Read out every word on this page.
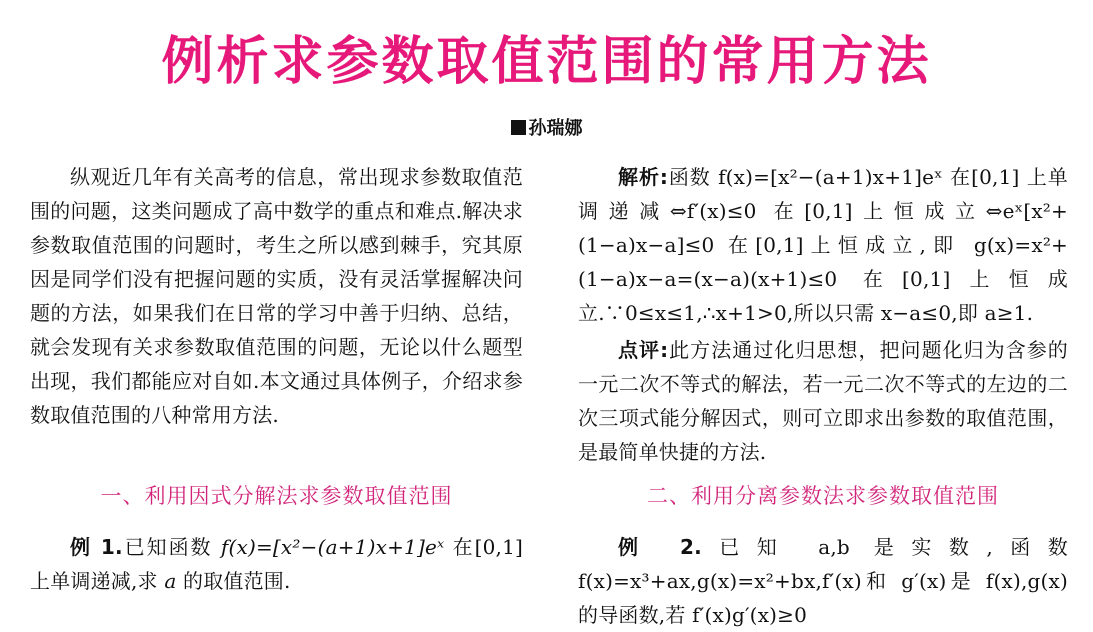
例析求参数取值范围的常用方法
孙瑞娜

纵观近几年有关高考的信息，常出现求参数取值范围的问题，这类问题成了高中数学的重点和难点.解决求参数取值范围的问题时，考生之所以感到棘手，究其原因是同学们没有把握问题的实质，没有灵活掌握解决问题的方法，如果我们在日常的学习中善于归纳、总结，就会发现有关求参数取值范围的问题，无论以什么题型出现，我们都能应对自如.本文通过具体例子，介绍求参数取值范围的八种常用方法.

一、利用因式分解法求参数取值范围

例 1.已知函数 f(x)=[x²−(a+1)x+1]eˣ 在[0,1] 上单调递减,求 a 的取值范围.

解析:函数 f(x)=[x²−(a+1)x+1]eˣ 在[0,1] 上单调递减⇔f′(x)≤0 在[0,1]上恒成立⇔eˣ[x²+(1−a)x−a]≤0 在[0,1]上恒成立,即 g(x)=x²+(1−a)x−a=(x−a)(x+1)≤0 在[0,1]上恒成立.∵0≤x≤1,∴x+1>0,所以只需 x−a≤0,即 a≥1.

点评:此方法通过化归思想，把问题化归为含参的一元二次不等式的解法，若一元二次不等式的左边的二次三项式能分解因式，则可立即求出参数的取值范围，是最简单快捷的方法.

二、利用分离参数法求参数取值范围

例 2.已知 a,b 是实数,函数 f(x)=x³+ax,g(x)=x²+bx,f′(x)和 g′(x)是 f(x),g(x) 的导函数,若 f′(x)g′(x)≥0
